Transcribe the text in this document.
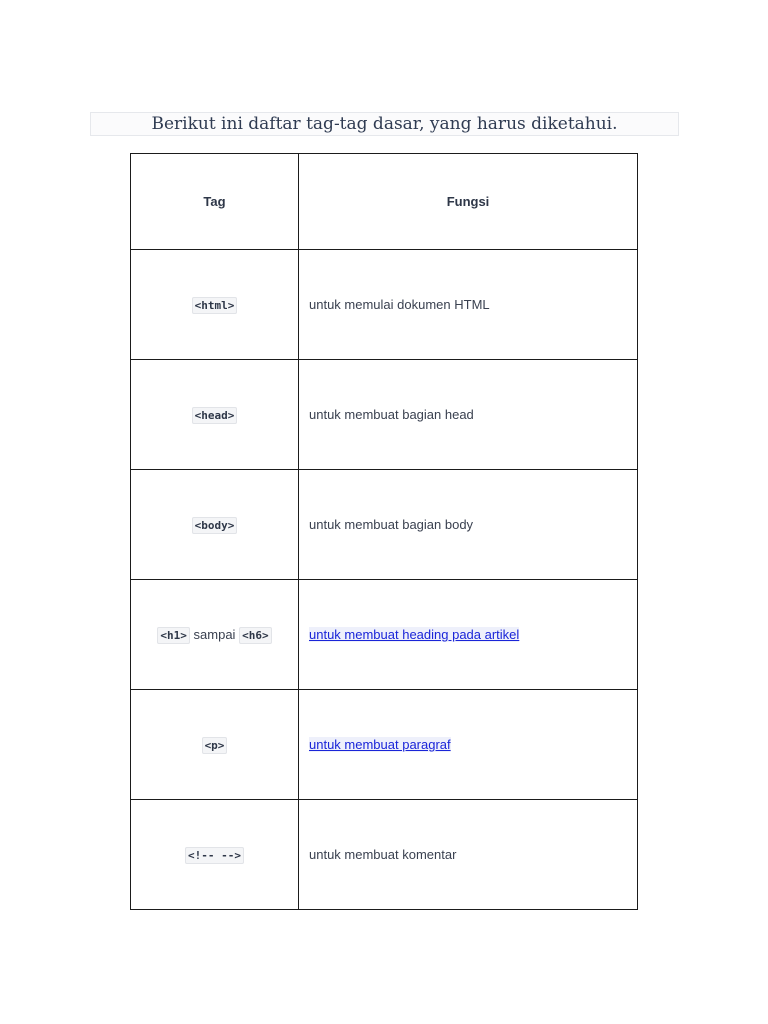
Berikut ini daftar tag-tag dasar, yang harus diketahui.
Tag	Fungsi
<html>	untuk memulai dokumen HTML
<head>	untuk membuat bagian head
<body>	untuk membuat bagian body
<h1> sampai <h6>	untuk membuat heading pada artikel
<p>	untuk membuat paragraf
<!-- -->	untuk membuat komentar
